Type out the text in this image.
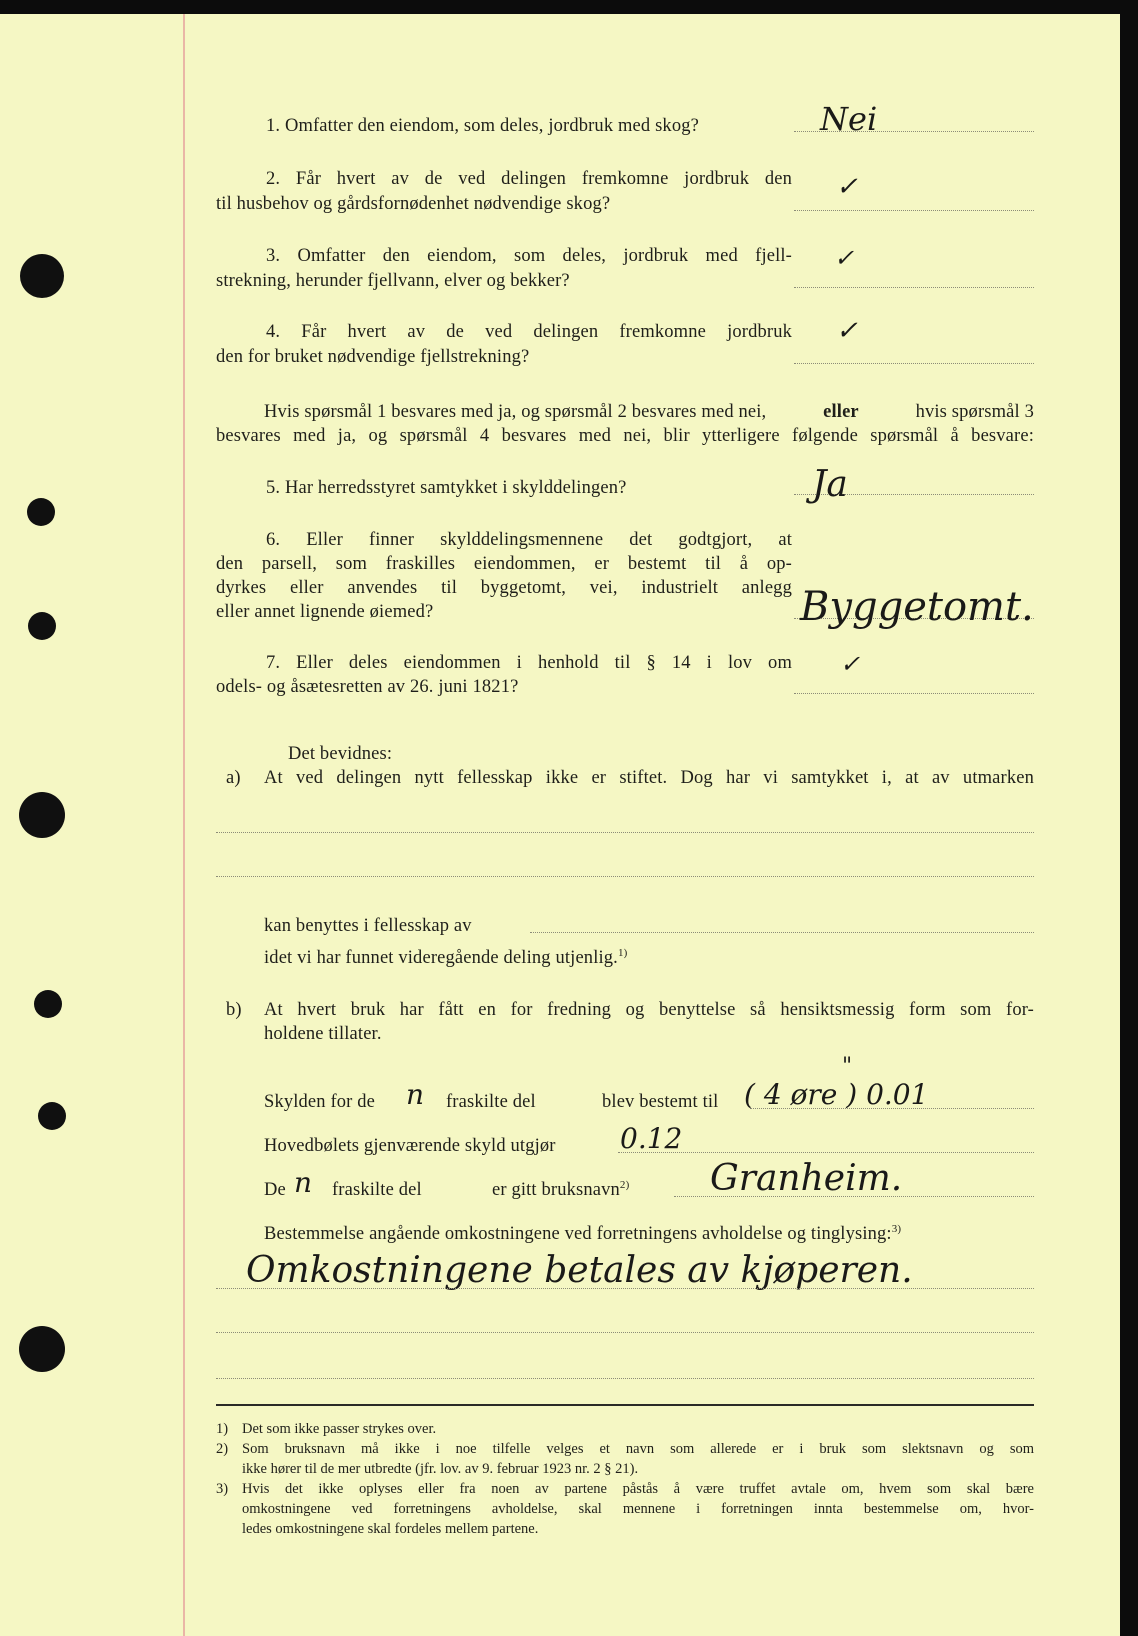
1. Omfatter den eiendom, som deles, jordbruk med skog?	Nei
2. Får hvert av de ved delingen fremkomne jordbruk den
til husbehov og gårdsfornødenhet nødvendige skog?
✓
3. Omfatter den eiendom, som deles, jordbruk med fjell-
strekning, herunder fjellvann, elver og bekker?
✓
4. Får hvert av de ved delingen fremkomne jordbruk
den for bruket nødvendige fjellstrekning?
✓
Hvis spørsmål 1 besvares med ja, og spørsmål 2 besvares med nei,	eller	hvis spørsmål 3
besvares med ja, og spørsmål 4 besvares med nei, blir ytterligere følgende spørsmål å besvare:
5. Har herredsstyret samtykket i skylddelingen?	Ja
6. Eller finner skylddelingsmennene det godtgjort, at
den parsell, som fraskilles eiendommen, er bestemt til å op-
dyrkes eller anvendes til byggetomt, vei, industrielt anlegg
eller annet lignende øiemed?	Byggetomt.
7. Eller deles eiendommen i henhold til § 14 i lov om
odels- og åsætesretten av 26. juni 1821?
✓
Det bevidnes:
a) At ved delingen nytt fellesskap ikke er stiftet. Dog har vi samtykket i, at av utmarken
kan benyttes i fellesskap av
idet vi har funnet videregående deling utjenlig.$^{1)}$
b) At hvert bruk har fått en for fredning og benyttelse så hensiktsmessig form som for-
holdene tillater.
Skylden for de n fraskilte del	blev bestemt til ( 4 øre ) 0.01
"
Hovedbølets gjenværende skyld utgjør 0.12
De n fraskilte del	er gitt bruksnavn$^{2)}$ Granheim.
Bestemmelse angående omkostningene ved forretningens avholdelse og tinglysing:$^{3)}$
Omkostningene betales av kjøperen.
1) Det som ikke passer strykes over.
2) Som bruksnavn må ikke i noe tilfelle velges et navn som allerede er i bruk som slektsnavn og som
ikke hører til de mer utbredte (jfr. lov. av 9. februar 1923 nr. 2 § 21).
3) Hvis det ikke oplyses eller fra noen av partene påstås å være truffet avtale om, hvem som skal bære
omkostningene ved forretningens avholdelse, skal mennene i forretningen innta bestemmelse om, hvor-
ledes omkostningene skal fordeles mellem partene.
